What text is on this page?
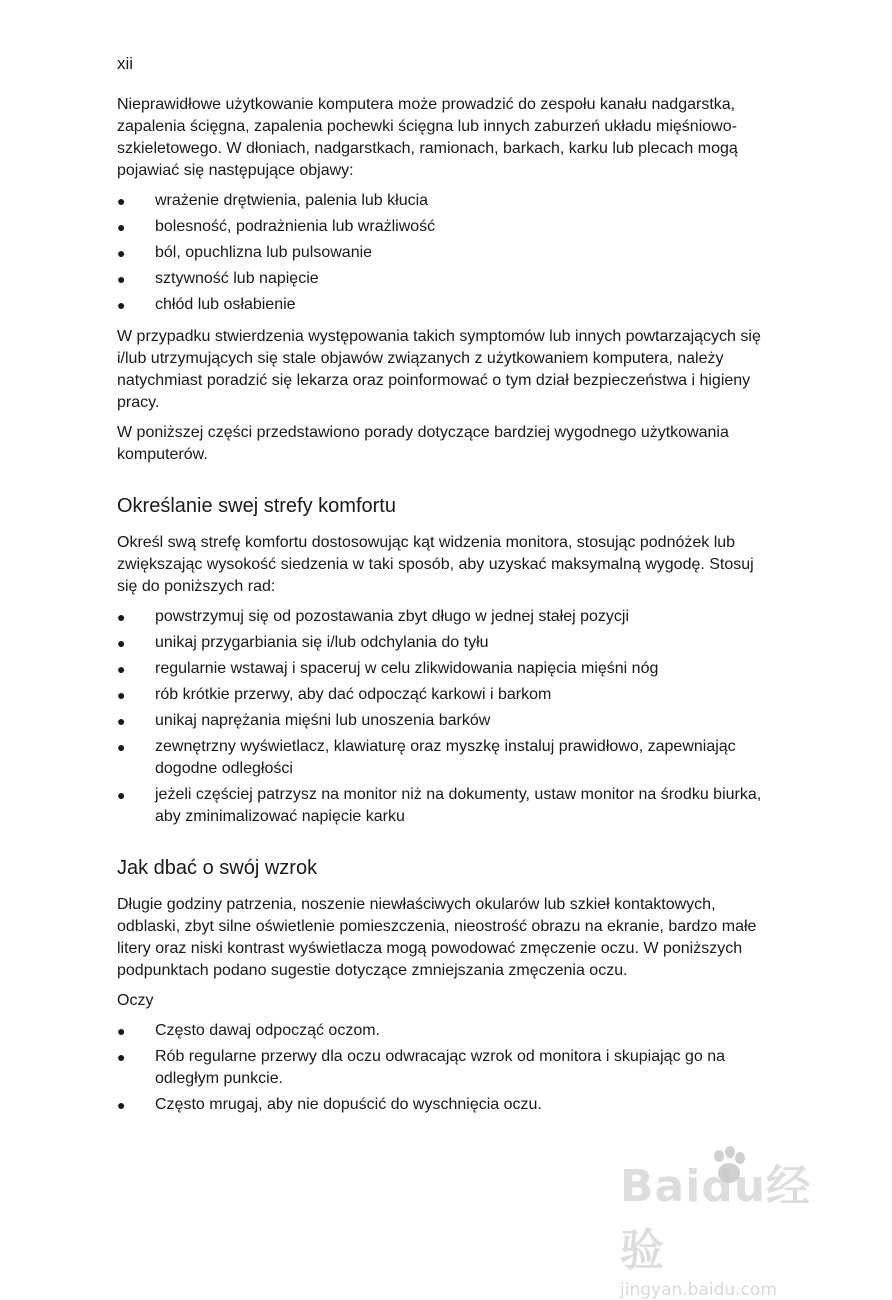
xii

Nieprawidłowe użytkowanie komputera może prowadzić do zespołu kanału nadgarstka, zapalenia ścięgna, zapalenia pochewki ścięgna lub innych zaburzeń układu mięśniowo-szkieletowego. W dłoniach, nadgarstkach, ramionach, barkach, karku lub plecach mogą pojawiać się następujące objawy:

● wrażenie drętwienia, palenia lub kłucia
● bolesność, podrażnienia lub wrażliwość
● ból, opuchlizna lub pulsowanie
● sztywność lub napięcie
● chłód lub osłabienie

W przypadku stwierdzenia występowania takich symptomów lub innych powtarzających się i/lub utrzymujących się stale objawów związanych z użytkowaniem komputera, należy natychmiast poradzić się lekarza oraz poinformować o tym dział bezpieczeństwa i higieny pracy.

W poniższej części przedstawiono porady dotyczące bardziej wygodnego użytkowania komputerów.

Określanie swej strefy komfortu

Określ swą strefę komfortu dostosowując kąt widzenia monitora, stosując podnóżek lub zwiększając wysokość siedzenia w taki sposób, aby uzyskać maksymalną wygodę. Stosuj się do poniższych rad:

● powstrzymuj się od pozostawania zbyt długo w jednej stałej pozycji
● unikaj przygarbiania się i/lub odchylania do tyłu
● regularnie wstawaj i spaceruj w celu zlikwidowania napięcia mięśni nóg
● rób krótkie przerwy, aby dać odpocząć karkowi i barkom
● unikaj naprężania mięśni lub unoszenia barków
● zewnętrzny wyświetlacz, klawiaturę oraz myszkę instaluj prawidłowo, zapewniając dogodne odległości
● jeżeli częściej patrzysz na monitor niż na dokumenty, ustaw monitor na środku biurka, aby zminimalizować napięcie karku
Jak dbać o swój wzrok

Długie godziny patrzenia, noszenie niewłaściwych okularów lub szkieł kontaktowych, odblaski, zbyt silne oświetlenie pomieszczenia, nieostrość obrazu na ekranie, bardzo małe litery oraz niski kontrast wyświetlacza mogą powodować zmęczenie oczu. W poniższych podpunktach podano sugestie dotyczące zmniejszania zmęczenia oczu.

Oczy

● Często dawaj odpocząć oczom.
● Rób regularne przerwy dla oczu odwracając wzrok od monitora i skupiając go na odległym punkcie.
● Często mrugaj, aby nie dopuścić do wyschnięcia oczu.
Baidu经验
jingyan.baidu.com
